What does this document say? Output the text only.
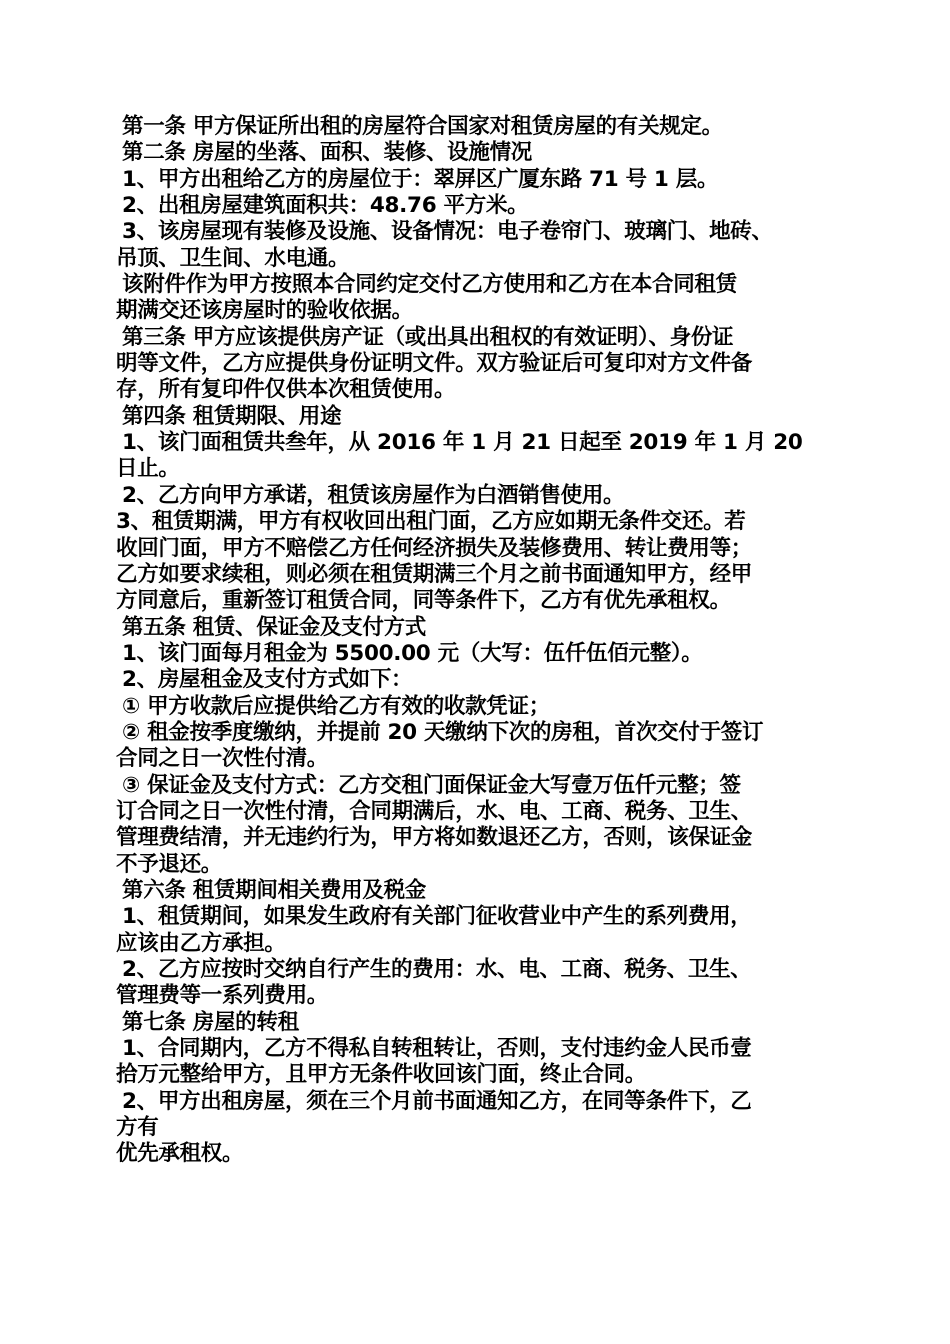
第一条 甲方保证所出租的房屋符合国家对租赁房屋的有关规定。

第二条 房屋的坐落、面积、装修、设施情况

1、甲方出租给乙方的房屋位于：翠屏区广厦东路 71 号 1 层。

2、出租房屋建筑面积共：48.76 平方米。

3、该房屋现有装修及设施、设备情况：电子卷帘门、玻璃门、地砖、

吊顶、卫生间、水电通。

该附件作为甲方按照本合同约定交付乙方使用和乙方在本合同租赁

期满交还该房屋时的验收依据。

第三条 甲方应该提供房产证（或出具出租权的有效证明）、身份证

明等文件，乙方应提供身份证明文件。双方验证后可复印对方文件备

存，所有复印件仅供本次租赁使用。

第四条 租赁期限、用途

1、该门面租赁共叁年，从 2016 年 1 月 21 日起至 2019 年 1 月 20

日止。

2、乙方向甲方承诺，租赁该房屋作为白酒销售使用。

3、租赁期满，甲方有权收回出租门面，乙方应如期无条件交还。若

收回门面，甲方不赔偿乙方任何经济损失及装修费用、转让费用等；

乙方如要求续租，则必须在租赁期满三个月之前书面通知甲方，经甲

方同意后，重新签订租赁合同，同等条件下，乙方有优先承租权。

第五条 租赁、保证金及支付方式

1、该门面每月租金为 5500.00 元（大写：伍仟伍佰元整）。

2、房屋租金及支付方式如下：

① 甲方收款后应提供给乙方有效的收款凭证；

② 租金按季度缴纳，并提前 20 天缴纳下次的房租，首次交付于签订

合同之日一次性付清。

③ 保证金及支付方式：乙方交租门面保证金大写壹万伍仟元整；签

订合同之日一次性付清，合同期满后，水、电、工商、税务、卫生、

管理费结清，并无违约行为，甲方将如数退还乙方，否则，该保证金

不予退还。

第六条 租赁期间相关费用及税金

1、租赁期间，如果发生政府有关部门征收营业中产生的系列费用，

应该由乙方承担。

2、乙方应按时交纳自行产生的费用：水、电、工商、税务、卫生、

管理费等一系列费用。

第七条 房屋的转租

1、合同期内，乙方不得私自转租转让，否则，支付违约金人民币壹

拾万元整给甲方，且甲方无条件收回该门面，终止合同。

2、甲方出租房屋，须在三个月前书面通知乙方，在同等条件下，乙

方有

优先承租权。
